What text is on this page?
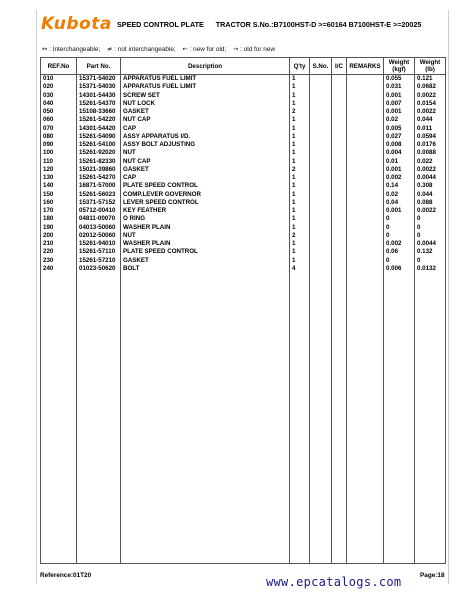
Kubota SPEED CONTROL PLATE TRACTOR S.No.:B7100HST-D >=60164 B7100HST-E >=20025
↔ : Interchangeable; ≠ : not interchangeable; ← : new for old; → : old for new
REF.No	Part No.	Description	Q'ty	S.No.	I/C	REMARKS	Weight (kgf)	Weight (lb)
010	15371-54020	APPARATUS FUEL LIMIT	1				0.055	0.121
020	15371-54030	APPARATUS FUEL LIMIT	1				0.031	0.0682
030	14301-54430	SCREW SET	1				0.001	0.0022
040	15261-54370	NUT LOCK	1				0.007	0.0154
050	15108-33660	GASKET	2				0.001	0.0022
060	15261-54220	NUT CAP	1				0.02	0.044
070	14301-54420	CAP	1				0.005	0.011
080	15261-54090	ASSY APPARATUS I/D.	1				0.027	0.0594
090	15261-54100	ASSY BOLT ADJUSTING	1				0.008	0.0176
100	15261-92020	NUT	1				0.004	0.0088
110	15261-82330	NUT CAP	1				0.01	0.022
120	15021-39860	GASKET	2				0.001	0.0022
130	15261-54270	CAP	1				0.002	0.0044
140	16871-57000	PLATE SPEED CONTROL	1				0.14	0.308
150	15261-56023	COMP.LEVER GOVERNOR	1				0.02	0.044
160	15371-57152	LEVER SPEED CONTROL	1				0.04	0.088
170	05712-00410	KEY FEATHER	1				0.001	0.0022
180	04811-00070	O RING	1				0	0
190	04013-50060	WASHER PLAIN	1				0	0
200	02012-50060	NUT	2				0	0
210	15261-94010	WASHER PLAIN	1				0.002	0.0044
220	15261-57110	PLATE SPEED CONTROL	1				0.06	0.132
230	15261-57210	GASKET	1				0	0
240	01023-50620	BOLT	4				0.006	0.0132

Reference:01T20	www.epcatalogs.com	Page:18
